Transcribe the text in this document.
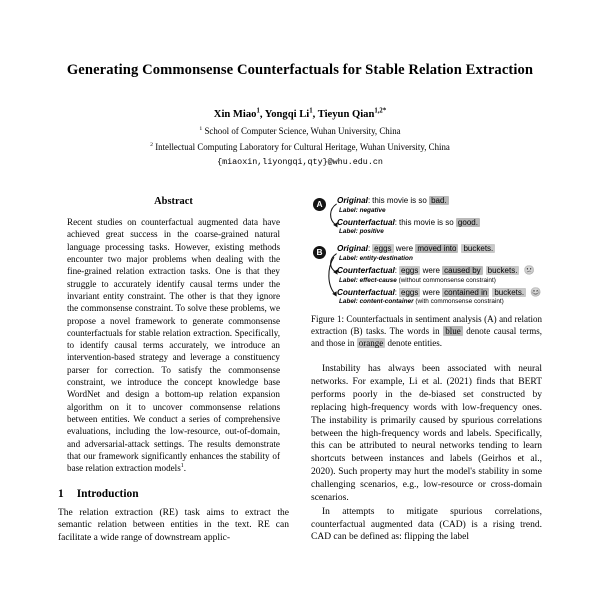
Generating Commonsense Counterfactuals for Stable Relation Extraction
Xin Miao$^1$, Yongqi Li$^1$, Tieyun Qian$^{1,2*}$
$^1$ School of Computer Science, Wuhan University, China
$^2$ Intellectual Computing Laboratory for Cultural Heritage, Wuhan University, China
{miaoxin,liyongqi,qty}@whu.edu.cn
Abstract

Recent studies on counterfactual augmented data have achieved great success in the coarse-grained natural language processing tasks. However, existing methods encounter two major problems when dealing with the fine-grained relation extraction tasks. One is that they struggle to accurately identify causal terms under the invariant entity constraint. The other is that they ignore the commonsense constraint. To solve these problems, we propose a novel framework to generate commonsense counterfactuals for stable relation extraction. Specifically, to identify causal terms accurately, we introduce an intervention-based strategy and leverage a constituency parser for correction. To satisfy the commonsense constraint, we introduce the concept knowledge base WordNet and design a bottom-up relation expansion algorithm on it to uncover commonsense relations between entities. We conduct a series of comprehensive evaluations, including the low-resource, out-of-domain, and adversarial-attack settings. The results demonstrate that our framework significantly enhances the stability of base relation extraction models$^1$.

1 Introduction

The relation extraction (RE) task aims to extract the semantic relation between entities in the text. RE can facilitate a wide range of downstream applic-

A	Original : this movie is so bad.
Label: negative
Counterfactual : this movie is so good.
Label: positive
B	Original : eggs were moved into buckets.
Label: entity-destination
Counterfactual : eggs were caused by buckets. 😕
Label: effect-cause (without commonsense constraint)
Counterfactual : eggs were contained in buckets. 😊
Label: content-container (with commonsense constraint)
Figure 1: Counterfactuals in sentiment analysis (A) and relation extraction (B) tasks. The words in blue denote causal terms, and those in orange denote entities.

Instability has always been associated with neural networks. For example, Li et al. (2021) finds that BERT performs poorly in the de-biased set constructed by replacing high-frequency words with low-frequency ones. The instability is primarily caused by spurious correlations between the high-frequency words and labels. Specifically, this can be attributed to neural networks tending to learn shortcuts between instances and labels (Geirhos et al., 2020). Such property may hurt the model's stability in some challenging scenarios, e.g., low-resource or cross-domain scenarios.

In attempts to mitigate spurious correlations, counterfactual augmented data (CAD) is a rising trend. CAD can be defined as: flipping the label
